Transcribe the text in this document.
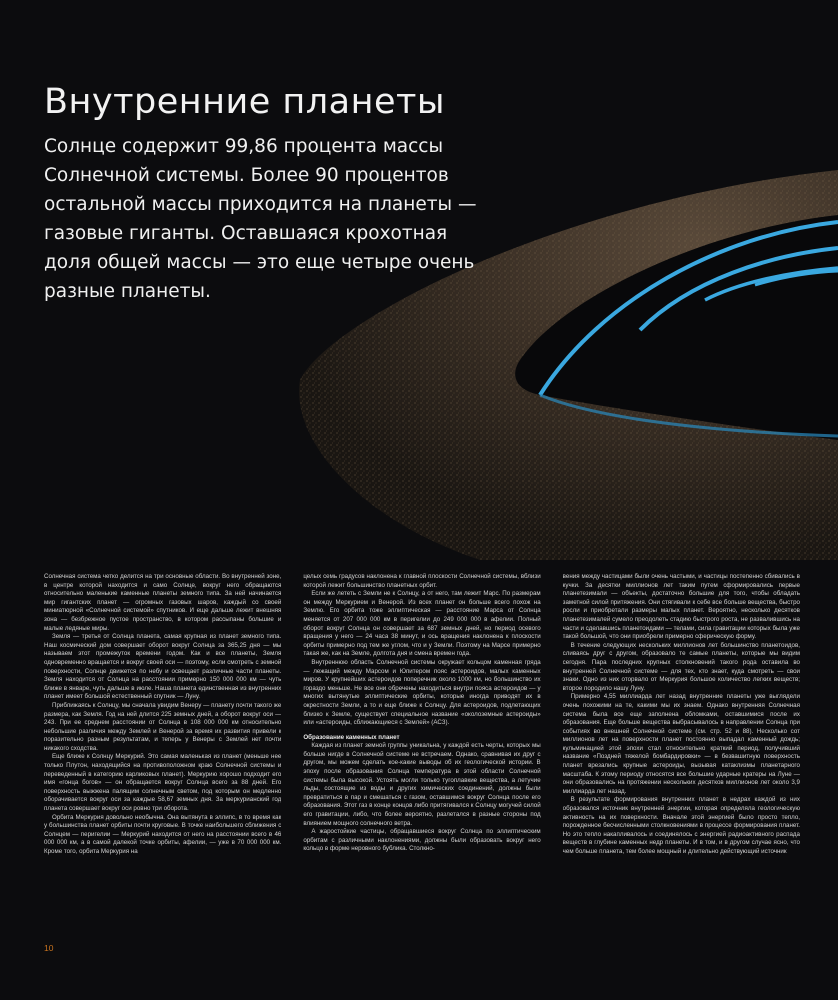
Внутренние планеты

Солнце содержит 99,86 процента массы Солнечной системы. Более 90 процентов остальной массы приходится на планеты — газовые гиганты. Оставшаяся крохотная доля общей массы — это еще четыре очень разные планеты.

Солнечная система четко делится на три основные области. Во внутренней зоне, в центре которой находится и само Солнце, вокруг него обращаются относительно маленькие каменные планеты земного типа. За ней начинается мир гигантских планет — огромных газовых шаров, каждый со своей миниатюрной «Солнечной системой» спутников. И еще дальше лежит внешняя зона — безбрежное пустое пространство, в котором рассыпаны большие и малые ледяные миры.

Земля — третья от Солнца планета, самая крупная из планет земного типа. Наш космический дом совершает оборот вокруг Солнца за 365,25 дня — мы называем этот промежуток времени годом. Как и все планеты, Земля одновременно вращается и вокруг своей оси — поэтому, если смотреть с земной поверхности, Солнце движется по небу и освещает различные части планеты. Земля находится от Солнца на расстоянии примерно 150 000 000 км — чуть ближе в январе, чуть дальше в июле. Наша планета единственная из внутренних планет имеет большой естественный спутник — Луну.

Приближаясь к Солнцу, мы сначала увидим Венеру — планету почти такого же размера, как Земля. Год на ней длится 225 земных дней, а оборот вокруг оси — 243. При ее среднем расстоянии от Солнца в 108 000 000 км относительно небольшие различия между Землей и Венерой за время их развития привели к поразительно разным результатам, и теперь у Венеры с Землей нет почти никакого сходства.

Еще ближе к Солнцу Меркурий. Это самая маленькая из планет (меньше нее только Плутон, находящийся на противоположном краю Солнечной системы и переведенный в категорию карликовых планет). Меркурию хорошо подходит его имя «гонца богов» — он обращается вокруг Солнца всего за 88 дней. Его поверхность выжжена палящим солнечным светом, под которым он медленно оборачивается вокруг оси за каждые 58,67 земных дня. За меркурианский год планета совершает вокруг оси ровно три оборота.

Орбита Меркурия довольно необычна. Она вытянута в эллипс, в то время как у большинства планет орбиты почти круговые. В точке наибольшего сближения с Солнцем — перигелии — Меркурий находится от него на расстоянии всего в 46 000 000 км, а в самой далекой точке орбиты, афелии, — уже в 70 000 000 км. Кроме того, орбита Меркурия на

целых семь градусов наклонена к главной плоскости Солнечной системы, вблизи которой лежит большинство планетных орбит.

Если же лететь с Земли не к Солнцу, а от него, там лежит Марс. По размерам он между Меркурием и Венерой. Из всех планет он больше всего похож на Землю. Его орбита тоже эллиптическая — расстояние Марса от Солнца меняется от 207 000 000 км в перигелии до 249 000 000 в афелии. Полный оборот вокруг Солнца он совершает за 687 земных дней, но период осевого вращения у него — 24 часа 38 минут, и ось вращения наклонена к плоскости орбиты примерно под тем же углом, что и у Земли. Поэтому на Марсе примерно такая же, как на Земле, долгота дня и смена времен года.

Внутреннюю область Солнечной системы окружает кольцом каменная гряда — лежащий между Марсом и Юпитером пояс астероидов, малых каменных миров. У крупнейших астероидов поперечник около 1000 км, но большинство их гораздо меньше. Не все они обречены находиться внутри пояса астероидов — у многих вытянутые эллиптические орбиты, которые иногда приводят их в окрестности Земли, а то и еще ближе к Солнцу. Для астероидов, подлетающих близко к Земле, существует специальное название «околоземные астероиды» или «астероиды, сближающиеся с Землей» (АСЗ).

Образование каменных планет

Каждая из планет земной группы уникальна, у каждой есть черты, которых мы больше нигде в Солнечной системе не встречаем. Однако, сравнивая их друг с другом, мы можем сделать кое-какие выводы об их геологической истории. В эпоху после образования Солнца температура в этой области Солнечной системы была высокой. Устоять могли только тугоплавкие вещества, а летучие льды, состоящие из воды и других химических соединений, должны были превратиться в пар и смешаться с газом, оставшимся вокруг Солнца после его образования. Этот газ в конце концов либо притягивался к Солнцу могучей силой его гравитации, либо, что более вероятно, разлетался в разные стороны под влиянием мощного солнечного ветра.

А жаростойкие частицы, обращавшиеся вокруг Солнца по эллиптическим орбитам с различными наклонениями, должны были образовать вокруг него кольцо в форме неровного бублика. Столкно-

вения между частицами были очень частыми, и частицы постепенно сбивались в кучки. За десятки миллионов лет таким путем сформировались первые планетезимали — объекты, достаточно большие для того, чтобы обладать заметной силой притяжения. Они стягивали к себе все больше вещества, быстро росли и приобретали размеры малых планет. Вероятно, несколько десятков планетезималей сумело преодолеть стадию быстрого роста, не развалившись на части и сделавшись планетоидами — телами, сила гравитации которых была уже такой большой, что они приобрели примерно сферическую форму.

В течение следующих нескольких миллионов лет большинство планетоидов, сливаясь друг с другом, образовало те самые планеты, которые мы видим сегодня. Пара последних крупных столкновений такого рода оставила во внутренней Солнечной системе — для тех, кто знает, куда смотреть — свои знаки. Одно из них оторвало от Меркурия большое количество легких веществ; второе породило нашу Луну.

Примерно 4,55 миллиарда лет назад внутренние планеты уже выглядели очень похожими на те, какими мы их знаем. Однако внутренняя Солнечная система была все еще заполнена обломками, оставшимися после их образования. Еще больше вещества выбрасывалось в направлении Солнца при событиях во внешней Солнечной системе (см. стр. 52 и 88). Несколько сот миллионов лет на поверхности планет постоянно выпадал каменный дождь; кульминацией этой эпохи стал относительно краткий период, получивший название «Поздней тяжелой бомбардировки» — в безвашитную поверхность планет врезались крупные астероиды, вызывая катаклизмы планетарного масштаба. К этому периоду относятся все большие ударные кратеры на Луне — они образовались на протяжении нескольких десятков миллионов лет около 3,9 миллиарда лет назад.

В результате формирования внутренних планет в недрах каждой из них образовался источник внутренней энергии, которая определяла геологическую активность на их поверхности. Вначале этой энергией было просто тепло, порожденное бесчисленными столкновениями в процессе формирования планет. Но это тепло накапливалось и соединялось с энергией радиоактивного распада веществ в глубине каменных недр планеты. И в том, и в другом случае ясно, что чем больше планета, тем более мощный и длительно действующий источник

10
